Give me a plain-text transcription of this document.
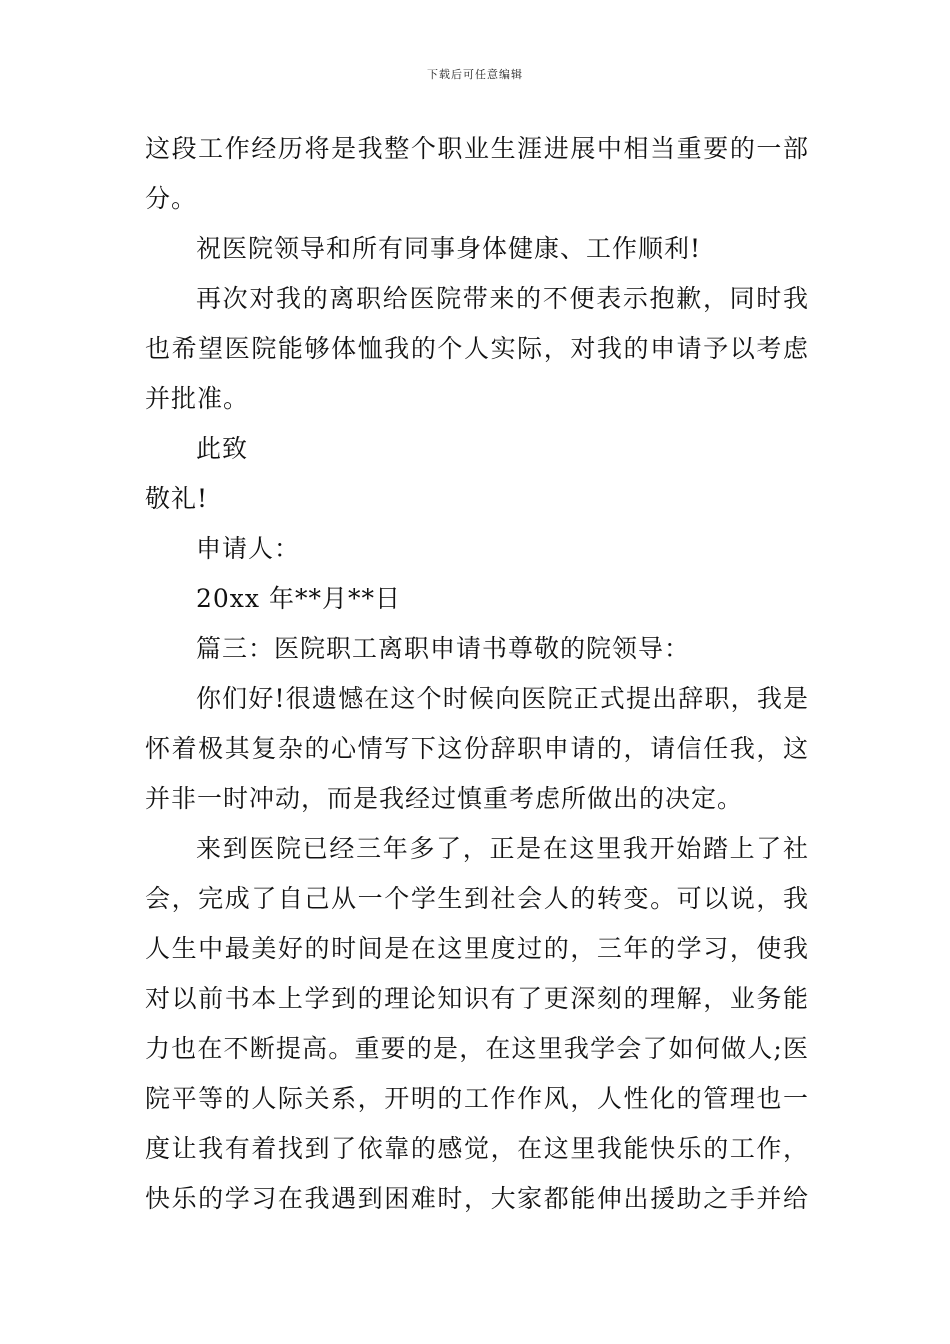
下载后可任意编辑
这段工作经历将是我整个职业生涯进展中相当重要的一部
分。
祝医院领导和所有同事身体健康、工作顺利!
再次对我的离职给医院带来的不便表示抱歉，同时我
也希望医院能够体恤我的个人实际，对我的申请予以考虑
并批准。
此致
敬礼!
申请人：
20xx 年**月**日
篇三：医院职工离职申请书尊敬的院领导：
你们好!很遗憾在这个时候向医院正式提出辞职，我是
怀着极其复杂的心情写下这份辞职申请的，请信任我，这
并非一时冲动，而是我经过慎重考虑所做出的决定。
来到医院已经三年多了，正是在这里我开始踏上了社
会，完成了自己从一个学生到社会人的转变。可以说，我
人生中最美好的时间是在这里度过的，三年的学习，使我
对以前书本上学到的理论知识有了更深刻的理解，业务能
力也在不断提高。重要的是，在这里我学会了如何做人;医
院平等的人际关系，开明的工作作风，人性化的管理也一
度让我有着找到了依靠的感觉，在这里我能快乐的工作，
快乐的学习在我遇到困难时，大家都能伸出援助之手并给
